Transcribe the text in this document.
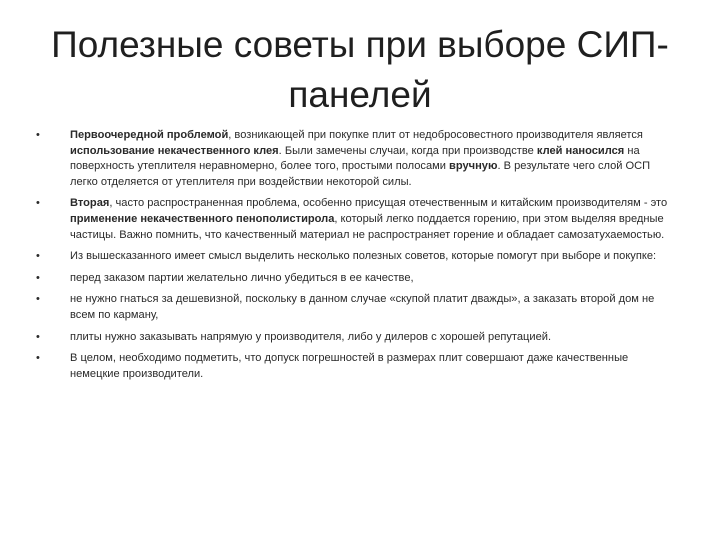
Полезные советы при выборе СИП-панелей
•	Первоочередной проблемой, возникающей при покупке плит от недобросовестного производителя является использование некачественного клея. Были замечены случаи, когда при производстве клей наносился на поверхность утеплителя неравномерно, более того, простыми полосами вручную. В результате чего слой ОСП легко отделяется от утеплителя при воздействии некоторой силы.
•	Вторая, часто распространенная проблема, особенно присущая отечественным и китайским производителям - это применение некачественного пенополистирола, который легко поддается горению, при этом выделяя вредные частицы. Важно помнить, что качественный материал не распространяет горение и обладает самозатухаемостью.
•	Из вышесказанного имеет смысл выделить несколько полезных советов, которые помогут при выборе и покупке:
•	перед заказом партии желательно лично убедиться в ее качестве,
•	не нужно гнаться за дешевизной, поскольку в данном случае «скупой платит дважды», а заказать второй дом не всем по карману,
•	плиты нужно заказывать напрямую у производителя, либо у дилеров с хорошей репутацией.
•	В целом, необходимо подметить, что допуск погрешностей в размерах плит совершают даже качественные немецкие производители.
